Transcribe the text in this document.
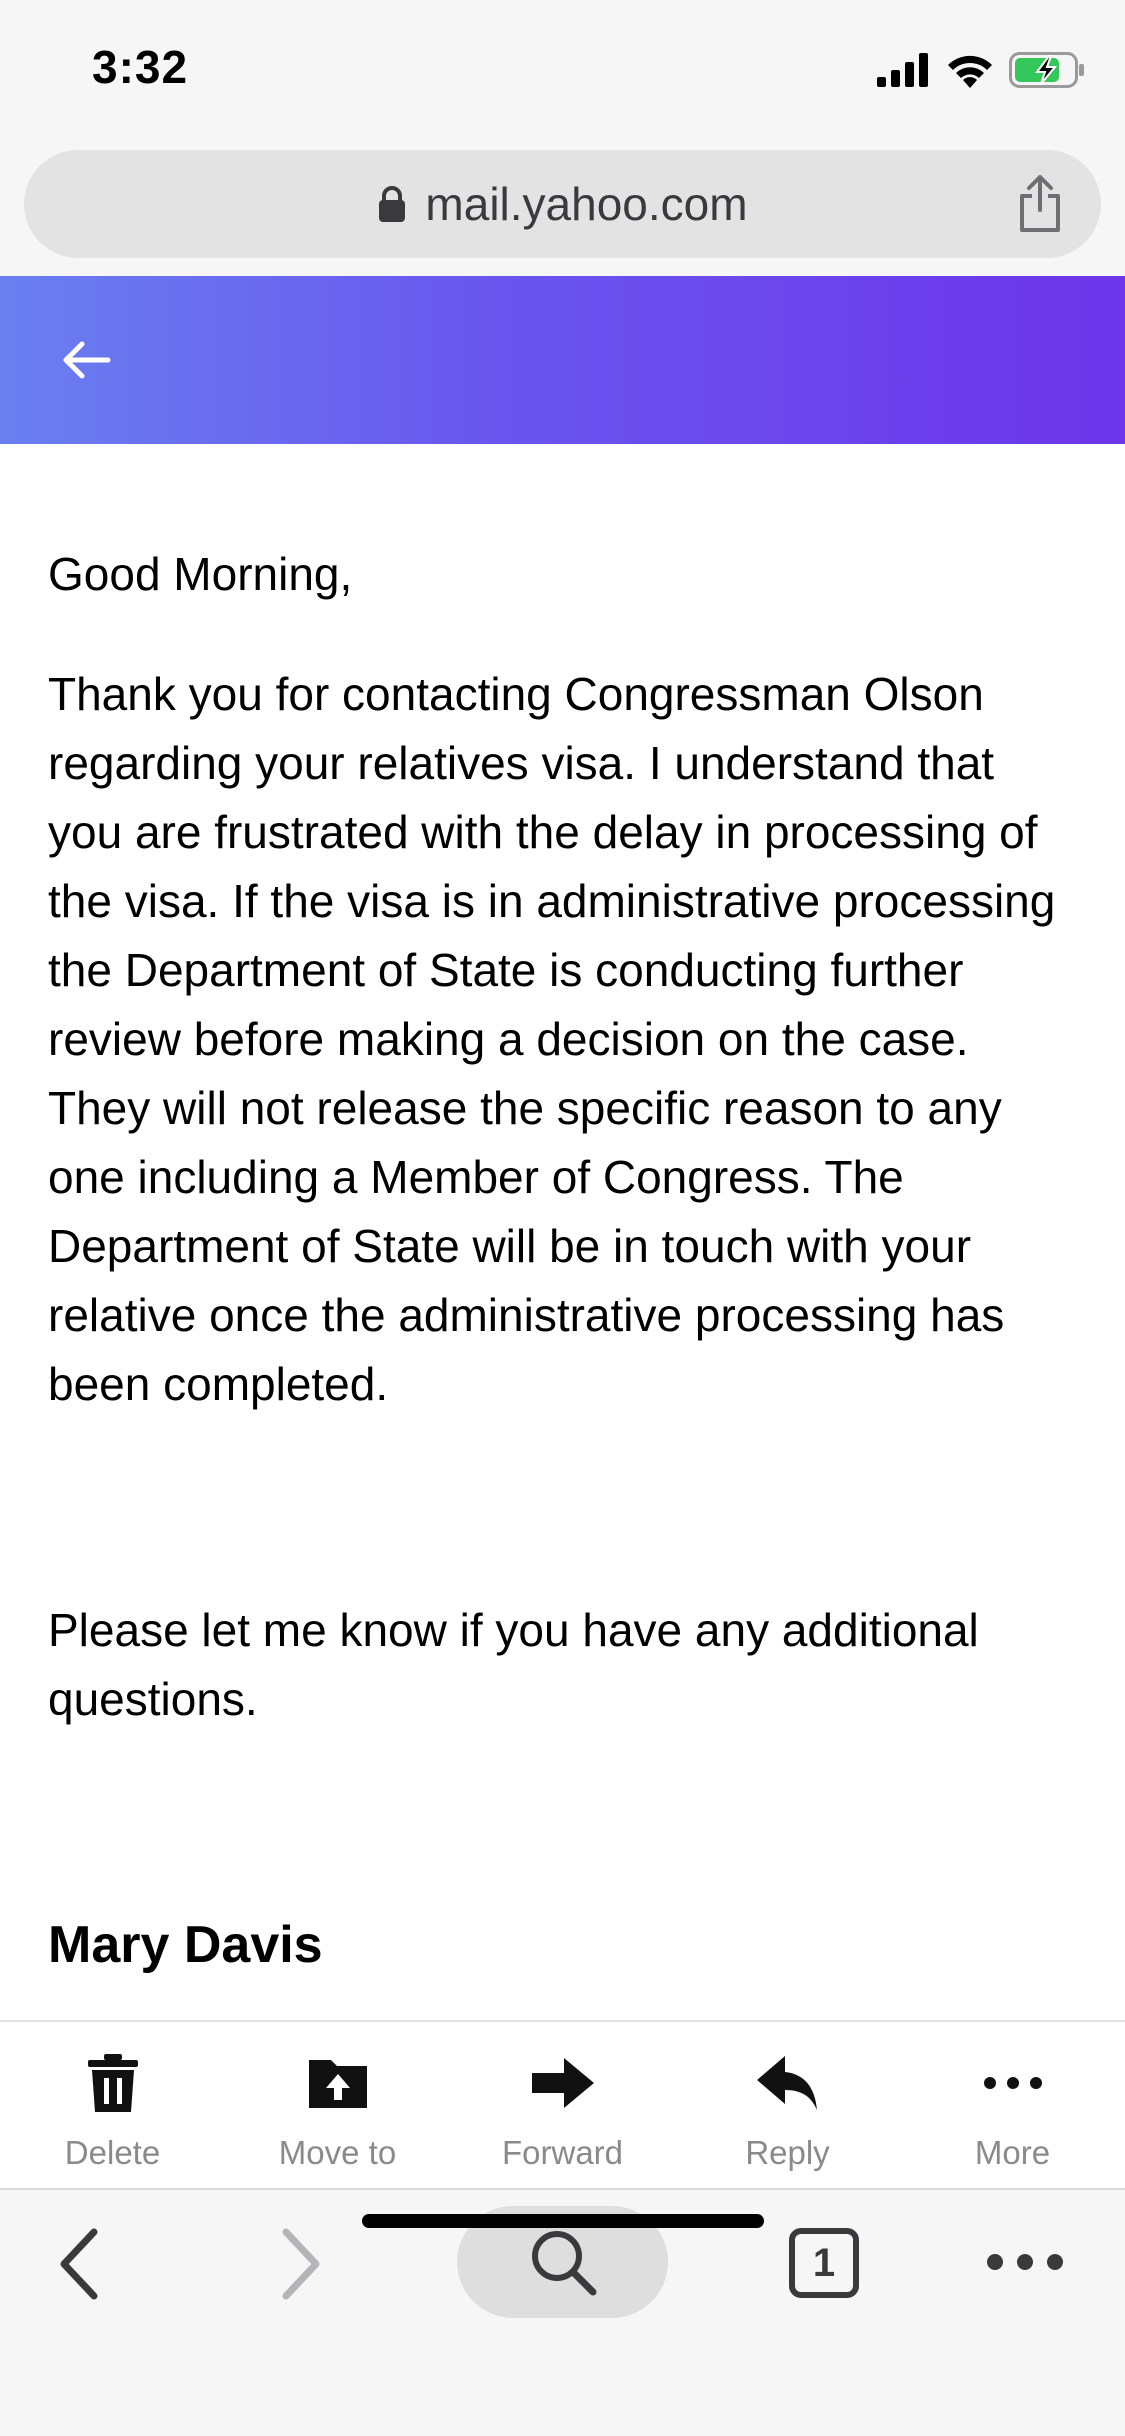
3:32
mail.yahoo.com

Good Morning,

Thank you for contacting Congressman Olson regarding your relatives visa. I understand that you are frustrated with the delay in processing of the visa. If the visa is in administrative processing the Department of State is conducting further review before making a decision on the case. They will not release the specific reason to any one including a Member of Congress. The Department of State will be in touch with your relative once the administrative processing has been completed.

Please let me know if you have any additional questions.

Mary Davis
Delete	Move to	Forward	Reply	More
1
